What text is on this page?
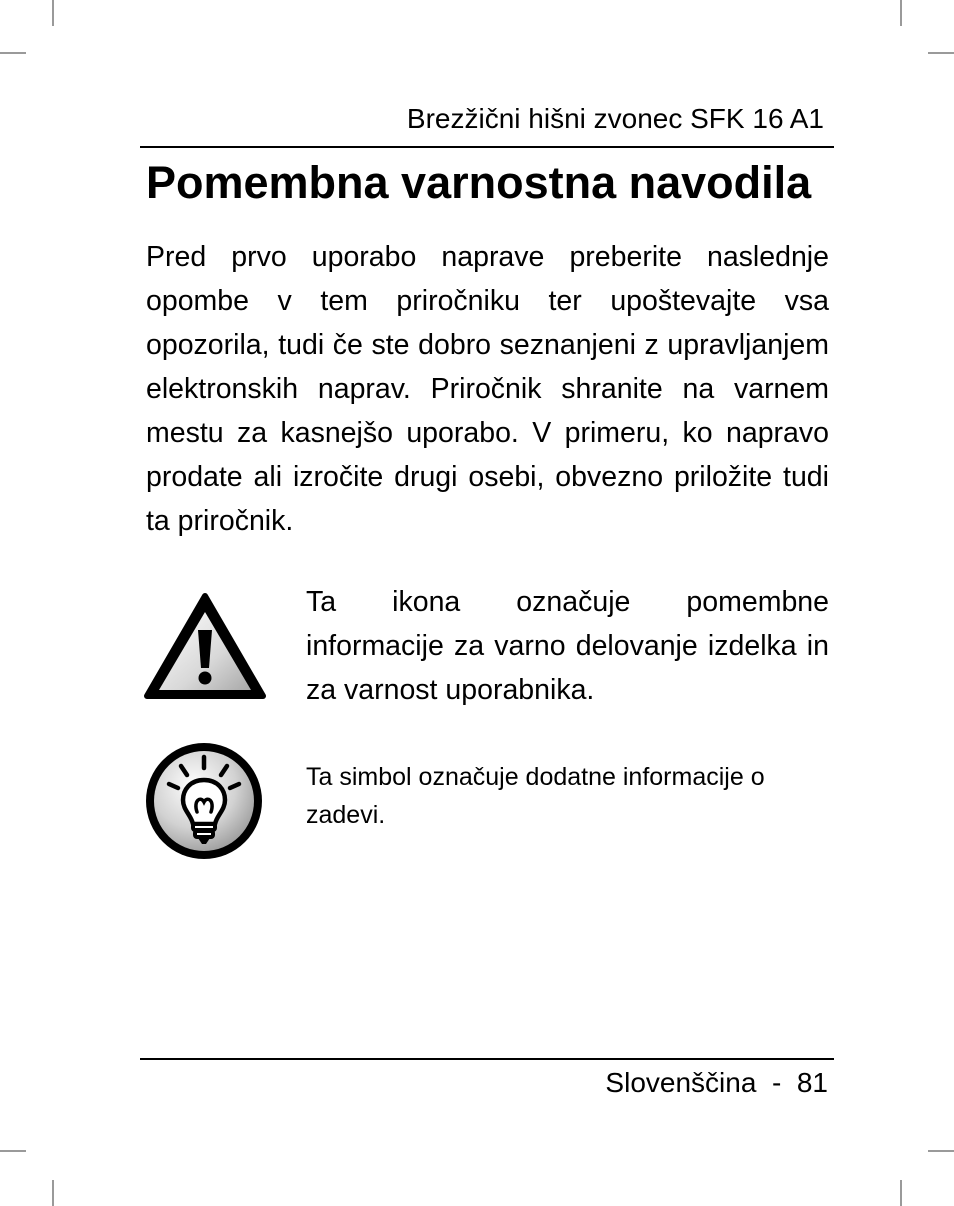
Brezžični hišni zvonec SFK 16 A1
Pomembna varnostna navodila

Pred prvo uporabo naprave preberite naslednje opombe v tem priročniku ter upoštevajte vsa opozorila, tudi če ste dobro seznanjeni z upravljanjem elektronskih naprav. Priročnik shranite na varnem mestu za kasnejšo uporabo. V primeru, ko napravo prodate ali izročite drugi osebi, obvezno priložite tudi ta priročnik.

Ta ikona označuje pomembne informacije za varno delovanje izdelka in za varnost uporabnika.

Ta simbol označuje dodatne informacije o zadevi.

Slovenščina  -  81
